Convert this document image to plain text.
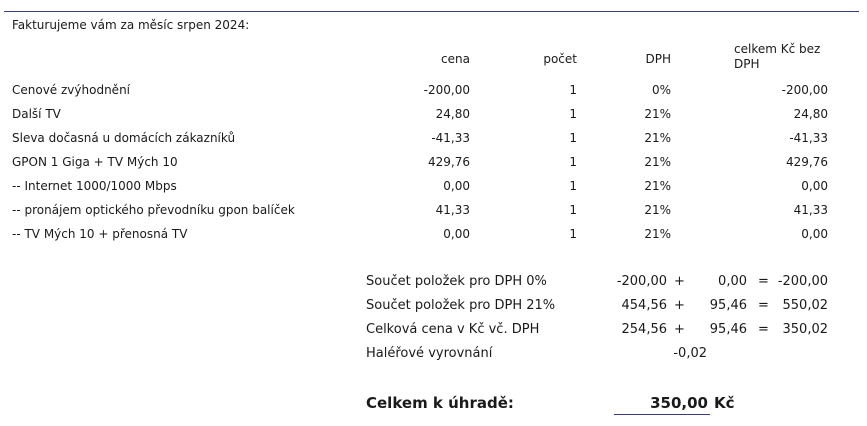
Fakturujeme vám za měsíc srpen 2024:
cena	počet	DPH
celkem Kč bez DPH
Cenové zvýhodnění	-200,00	1	0%	-200,00
Další TV	24,80	1	21%	24,80
Sleva dočasná u domácích zákazníků	-41,33	1	21%	-41,33
GPON 1 Giga + TV Mých 10	429,76	1	21%	429,76
-- Internet 1000/1000 Mbps	0,00	1	21%	0,00
-- pronájem optického převodníku gpon balíček	41,33	1	21%	41,33
-- TV Mých 10 + přenosná TV	0,00	1	21%	0,00
Součet položek pro DPH 0%	-200,00 +	0,00 = -200,00
Součet položek pro DPH 21%	454,56 +	95,46 =	550,02
Celková cena v Kč vč. DPH	254,56 +	95,46 =	350,02
Haléřové vyrovnání	-0,02
Celkem k úhradě:	350,00 Kč
